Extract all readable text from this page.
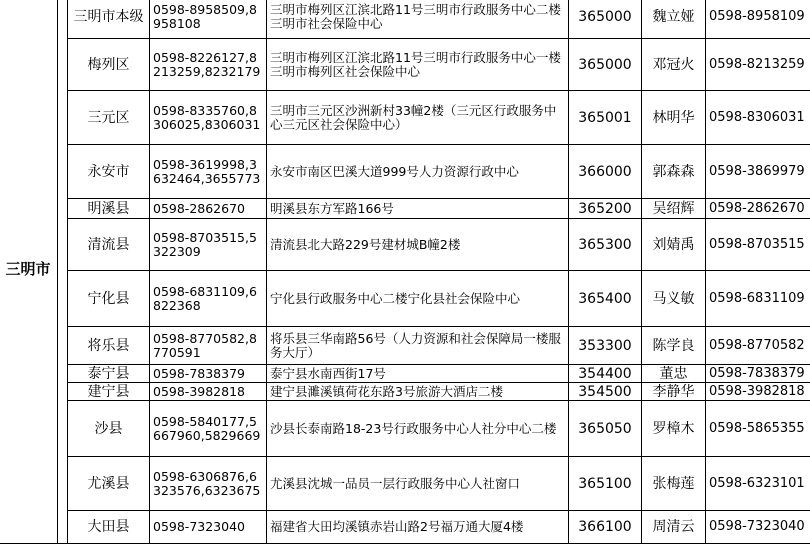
三明市		三明市本级	0598-8958509,8958108	三明市梅列区江滨北路11号三明市行政服务中心二楼三明市社会保险中心	365000	魏立娅	0598-8958109
		梅列区	0598-8226127,8213259,8232179	三明市梅列区江滨北路11号三明市行政服务中心一楼三明市梅列区社会保险中心	365000	邓冠火	0598-8213259
		三元区	0598-8335760,8306025,8306031	三明市三元区沙洲新村33幢2楼（三元区行政服务中心三元区社会保险中心）	365001	林明华	0598-8306031
		永安市	0598-3619998,3632464,3655773	永安市南区巴溪大道999号人力资源行政中心	366000	郭森森	0598-3869979
		明溪县	0598-2862670	明溪县东方军路166号	365200	吴绍辉	0598-2862670
		清流县	0598-8703515,5322309	清流县北大路229号建材城B幢2楼	365300	刘婧禹	0598-8703515
		宁化县	0598-6831109,6822368	宁化县行政服务中心二楼宁化县社会保险中心	365400	马义敏	0598-6831109
		将乐县	0598-8770582,8770591	将乐县三华南路56号（人力资源和社会保障局一楼服务大厅）	353300	陈学良	0598-8770582
		泰宁县	0598-7838379	泰宁县水南西街17号	354400	董忠	0598-7838379
		建宁县	0598-3982818	建宁县濉溪镇荷花东路3号旅游大酒店二楼	354500	李静华	0598-3982818
		沙县	0598-5840177,5667960,5829669	沙县长泰南路18-23号行政服务中心人社分中心二楼	365050	罗樟木	0598-5865355
		尤溪县	0598-6306876,6323576,6323675	尤溪县沈城一品员一层行政服务中心人社窗口	365100	张梅莲	0598-6323101
		大田县	0598-7323040	福建省大田均溪镇赤岩山路2号福万通大厦4楼	366100	周清云	0598-7323040
